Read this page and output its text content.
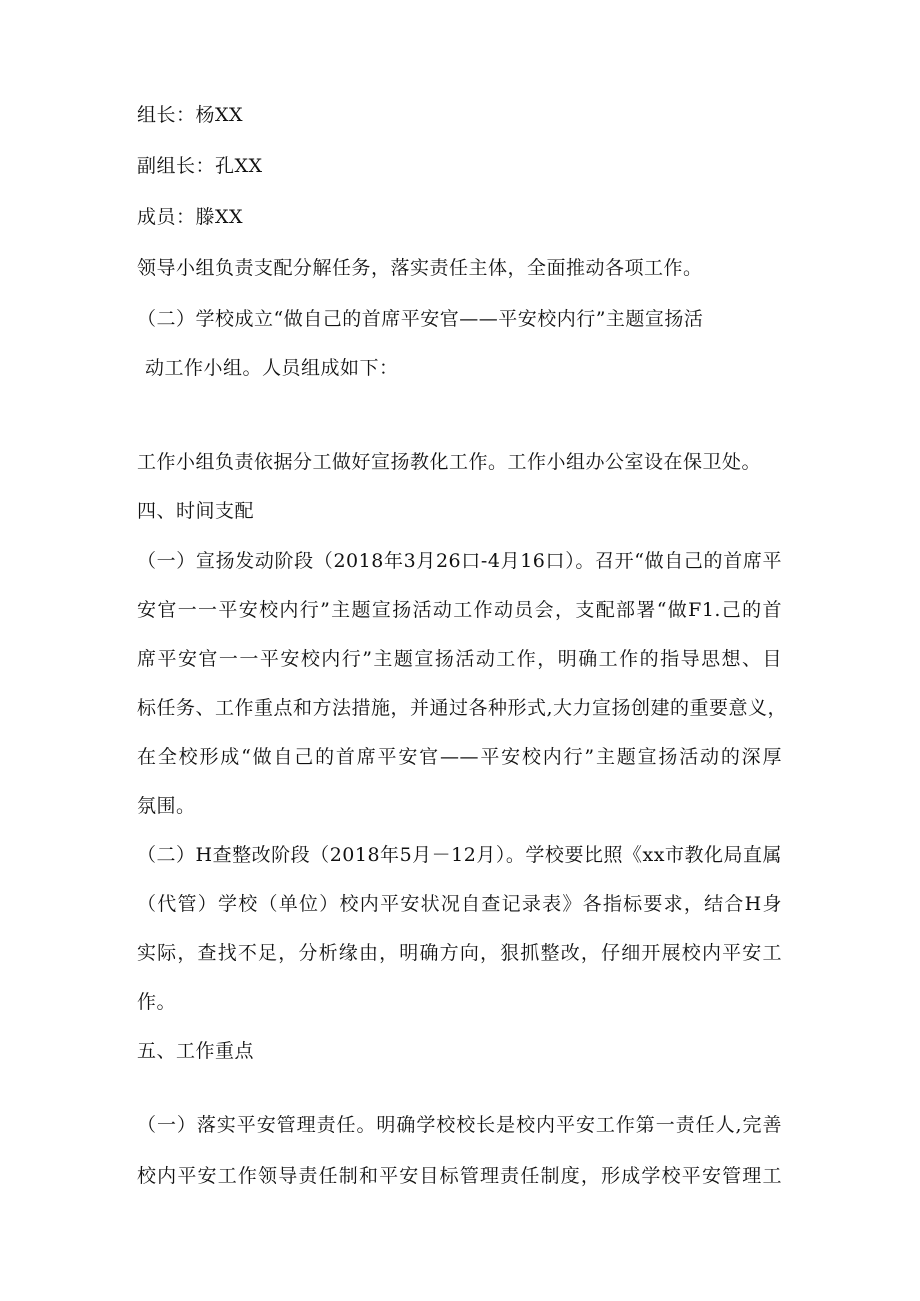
组长：杨XX
副组长：孔XX
成员：滕XX
领导小组负责支配分解任务，落实责任主体，全面推动各项工作。
（二）学校成立“做自己的首席平安官——平安校内行”主题宣扬活
动工作小组。人员组成如下：
工作小组负责依据分工做好宣扬教化工作。工作小组办公室设在保卫处。
四、时间支配
（一）宣扬发动阶段（2018年3月26口-4月16口）。召开“做自己的首席平
安官一一平安校内行”主题宣扬活动工作动员会，支配部署“做F1.己的首
席平安官一一平安校内行”主题宣扬活动工作，明确工作的指导思想、目
标任务、工作重点和方法措施，并通过各种形式,大力宣扬创建的重要意义，
在全校形成“做自己的首席平安官——平安校内行”主题宣扬活动的深厚
氛围。
（二）H查整改阶段（2018年5月－12月）。学校要比照《xx市教化局直属
（代管）学校（单位）校内平安状况自查记录表》各指标要求，结合H身
实际，查找不足，分析缘由，明确方向，狠抓整改，仔细开展校内平安工
作。
五、工作重点
（一）落实平安管理责任。明确学校校长是校内平安工作第一责任人,完善
校内平安工作领导责任制和平安目标管理责任制度，形成学校平安管理工
